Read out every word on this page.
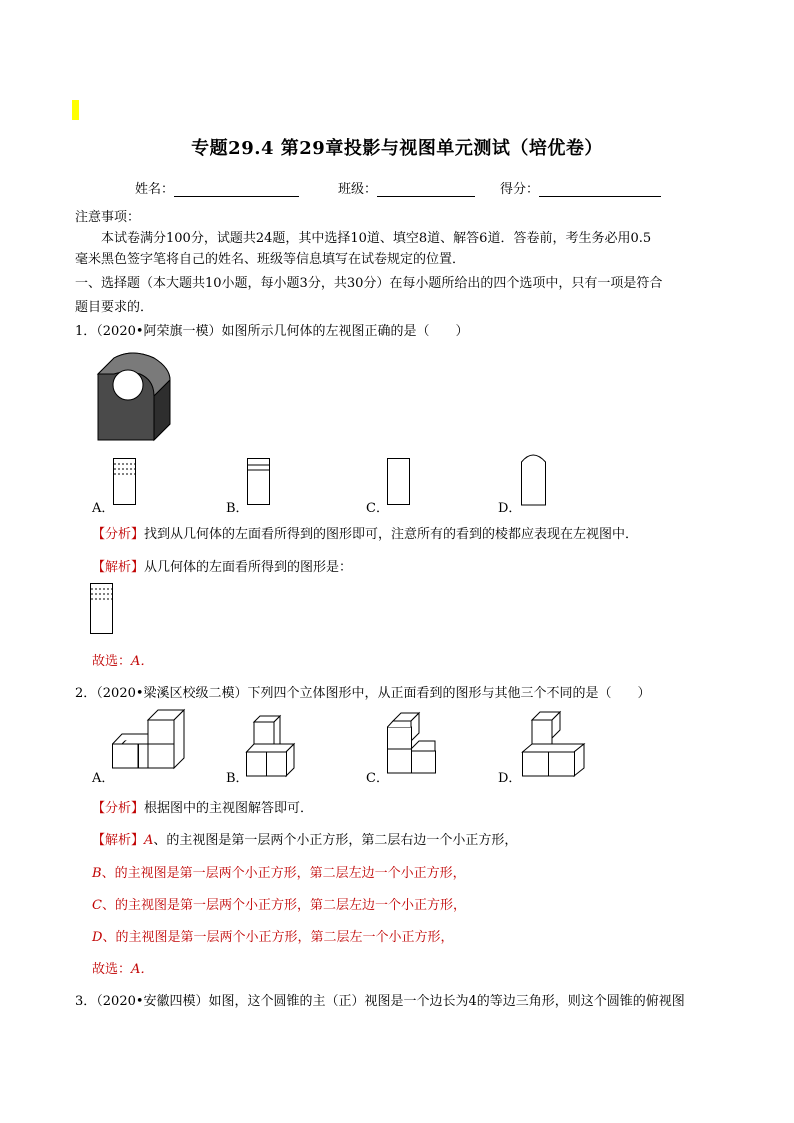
专题29.4 第29章投影与视图单元测试（培优卷）
姓名：	班级：	得分：
注意事项：
本试卷满分100分，试题共24题，其中选择10道、填空8道、解答6道．答卷前，考生务必用0.5
毫米黑色签字笔将自己的姓名、班级等信息填写在试卷规定的位置．
一、选择题（本大题共10小题，每小题3分，共30分）在每小题所给出的四个选项中，只有一项是符合
题目要求的．
1．（2020•阿荣旗一模）如图所示几何体的左视图正确的是（　　）
A．	B．	C．	D．
【分析】找到从几何体的左面看所得到的图形即可，注意所有的看到的棱都应表现在左视图中．
【解析】从几何体的左面看所得到的图形是：
故选：A．
2．（2020•梁溪区校级二模）下列四个立体图形中，从正面看到的图形与其他三个不同的是（　　）
A．	B．	C．	D．
【分析】根据图中的主视图解答即可．
【解析】A、的主视图是第一层两个小正方形，第二层右边一个小正方形，
B、的主视图是第一层两个小正方形，第二层左边一个小正方形，
C、的主视图是第一层两个小正方形，第二层左边一个小正方形，
D、的主视图是第一层两个小正方形，第二层左一个小正方形，
故选：A．
3．（2020•安徽四模）如图，这个圆锥的主（正）视图是一个边长为4的等边三角形，则这个圆锥的俯视图
